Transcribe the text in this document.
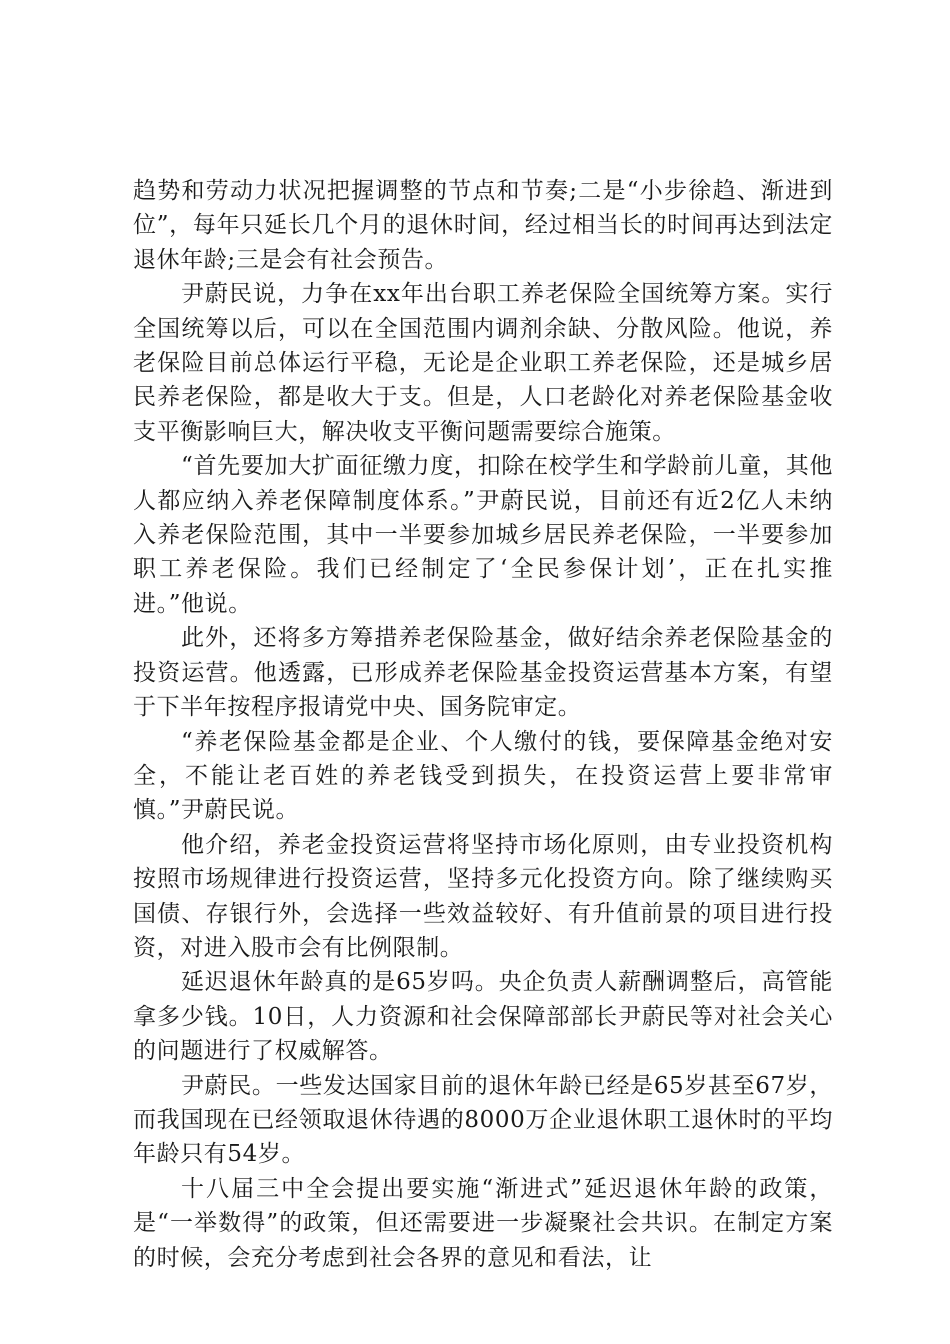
趋势和劳动力状况把握调整的节点和节奏;二是“小步徐趋、渐进到位”，每年只延长几个月的退休时间，经过相当长的时间再达到法定退休年龄;三是会有社会预告。

尹蔚民说，力争在xx年出台职工养老保险全国统筹方案。实行全国统筹以后，可以在全国范围内调剂余缺、分散风险。他说，养老保险目前总体运行平稳，无论是企业职工养老保险，还是城乡居民养老保险，都是收大于支。但是，人口老龄化对养老保险基金收支平衡影响巨大，解决收支平衡问题需要综合施策。

“首先要加大扩面征缴力度，扣除在校学生和学龄前儿童，其他人都应纳入养老保障制度体系。”尹蔚民说，目前还有近2亿人未纳入养老保险范围，其中一半要参加城乡居民养老保险，一半要参加职工养老保险。我们已经制定了‘全民参保计划’，正在扎实推进。”他说。

此外，还将多方筹措养老保险基金，做好结余养老保险基金的投资运营。他透露，已形成养老保险基金投资运营基本方案，有望于下半年按程序报请党中央、国务院审定。

“养老保险基金都是企业、个人缴付的钱，要保障基金绝对安全，不能让老百姓的养老钱受到损失，在投资运营上要非常审慎。”尹蔚民说。

他介绍，养老金投资运营将坚持市场化原则，由专业投资机构按照市场规律进行投资运营，坚持多元化投资方向。除了继续购买国债、存银行外，会选择一些效益较好、有升值前景的项目进行投资，对进入股市会有比例限制。

延迟退休年龄真的是65岁吗。央企负责人薪酬调整后，高管能拿多少钱。10日，人力资源和社会保障部部长尹蔚民等对社会关心的问题进行了权威解答。

尹蔚民。一些发达国家目前的退休年龄已经是65岁甚至67岁，而我国现在已经领取退休待遇的8000万企业退休职工退休时的平均年龄只有54岁。

十八届三中全会提出要实施“渐进式”延迟退休年龄的政策，是“一举数得”的政策，但还需要进一步凝聚社会共识。在制定方案的时候，会充分考虑到社会各界的意见和看法，让
